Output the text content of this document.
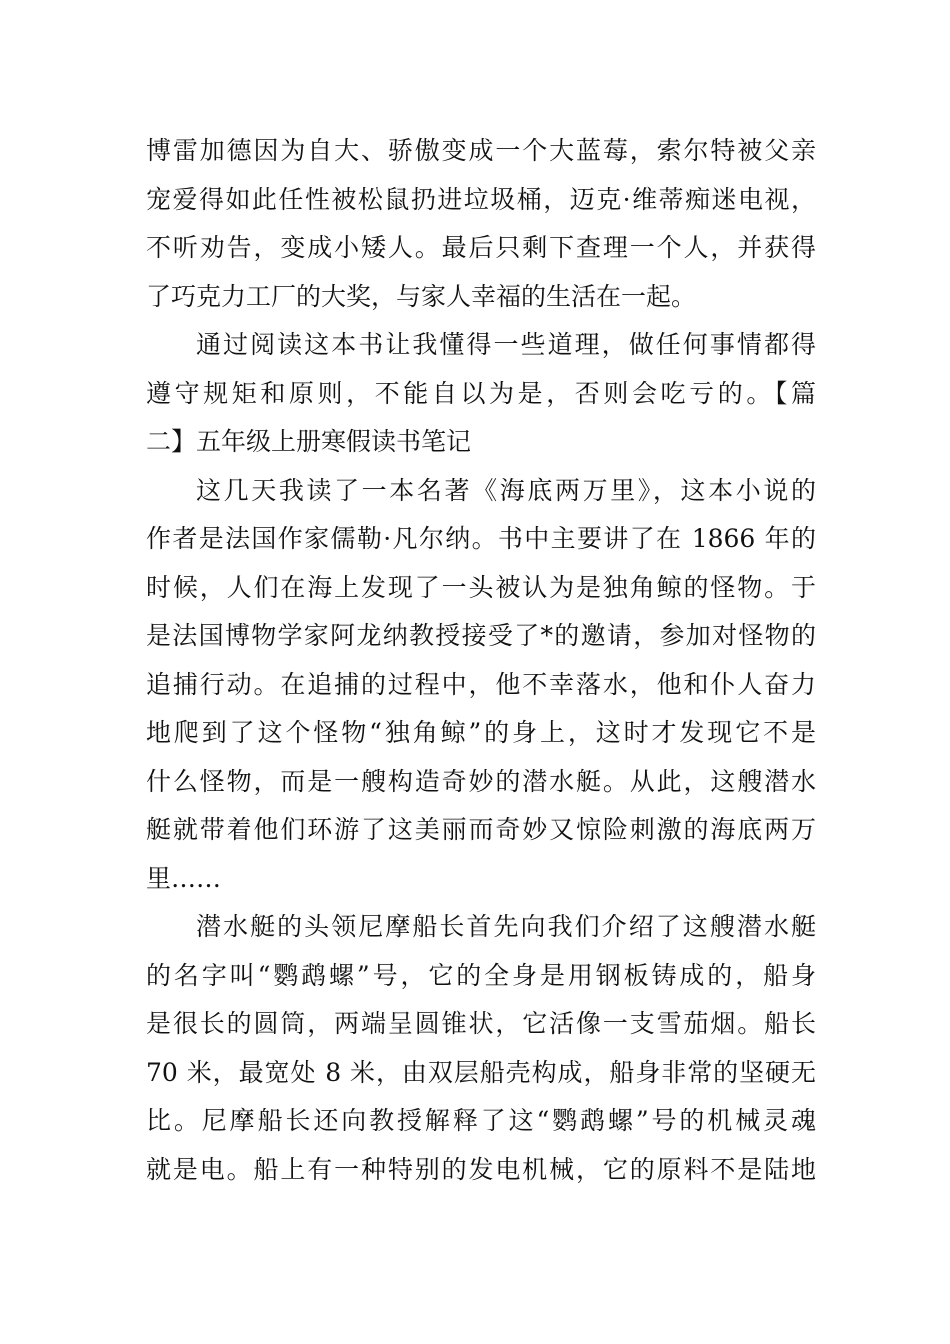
博雷加德因为自大、骄傲变成一个大蓝莓，索尔特被父亲
宠爱得如此任性被松鼠扔进垃圾桶，迈克·维蒂痴迷电视，
不听劝告，变成小矮人。最后只剩下查理一个人，并获得
了巧克力工厂的大奖，与家人幸福的生活在一起。
通过阅读这本书让我懂得一些道理，做任何事情都得
遵守规矩和原则，不能自以为是，否则会吃亏的。【篇
二】五年级上册寒假读书笔记
这几天我读了一本名著《海底两万里》，这本小说的
作者是法国作家儒勒·凡尔纳。书中主要讲了在 1866 年的
时候，人们在海上发现了一头被认为是独角鲸的怪物。于
是法国博物学家阿龙纳教授接受了*的邀请，参加对怪物的
追捕行动。在追捕的过程中，他不幸落水，他和仆人奋力
地爬到了这个怪物“独角鲸”的身上，这时才发现它不是
什么怪物，而是一艘构造奇妙的潜水艇。从此，这艘潜水
艇就带着他们环游了这美丽而奇妙又惊险刺激的海底两万
里……
潜水艇的头领尼摩船长首先向我们介绍了这艘潜水艇
的名字叫“鹦鹉螺”号，它的全身是用钢板铸成的，船身
是很长的圆筒，两端呈圆锥状，它活像一支雪茄烟。船长
70 米，最宽处 8 米，由双层船壳构成，船身非常的坚硬无
比。尼摩船长还向教授解释了这“鹦鹉螺”号的机械灵魂
就是电。船上有一种特别的发电机械，它的原料不是陆地
